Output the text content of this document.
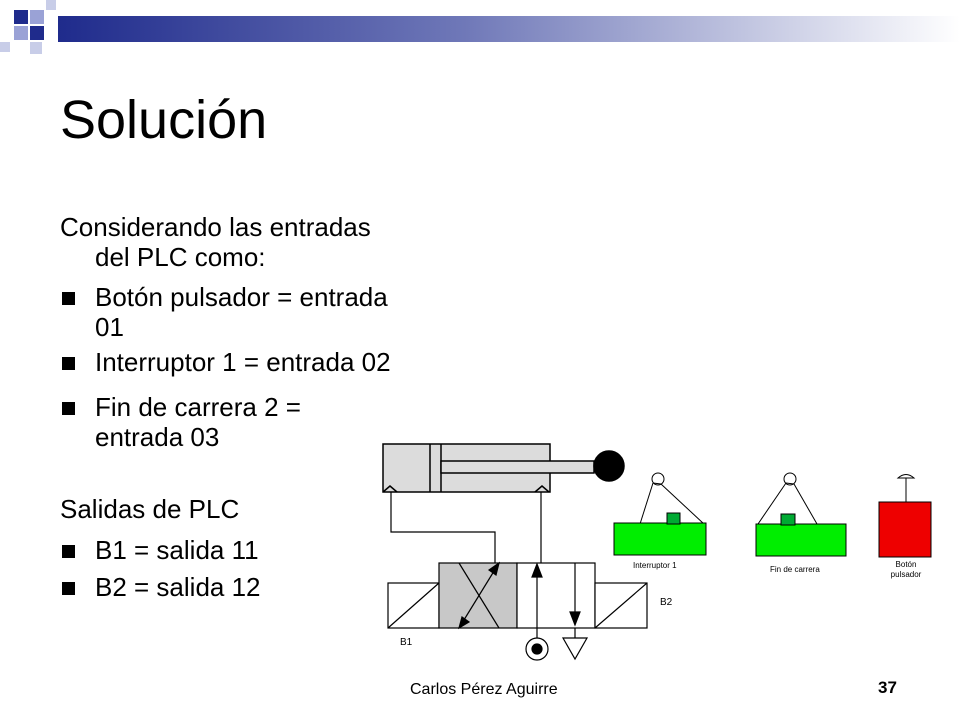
Solución
Considerando las entradas
del PLC como:
Botón pulsador = entrada
01
Interruptor 1 = entrada 02
Fin de carrera 2 =
entrada 03
Salidas de PLC
B1 = salida 11
B2 = salida 12
B1
B2
Interruptor 1	Fin de carrera
Botón
pulsador
Carlos Pérez Aguirre	37
